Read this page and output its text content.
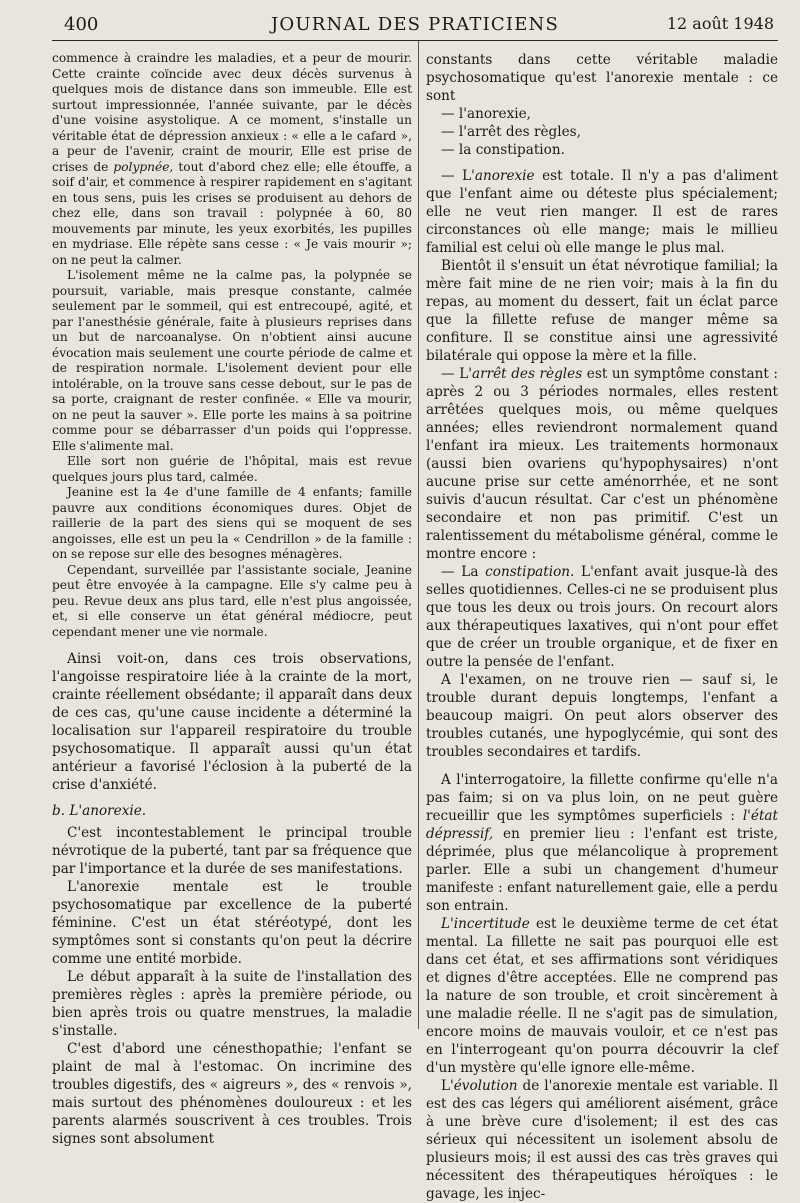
400	JOURNAL DES PRATICIENS	12 août 1948

commence à craindre les maladies, et a peur de mourir. Cette crainte coïncide avec deux décès survenus à quelques mois de distance dans son immeuble. Elle est surtout impressionnée, l'année suivante, par le décès d'une voisine asystolique. A ce moment, s'installe un véritable état de dépression anxieux : « elle a le cafard », a peur de l'avenir, craint de mourir, Elle est prise de crises de polypnée, tout d'abord chez elle; elle étouffe, a soif d'air, et commence à respirer rapidement en s'agitant en tous sens, puis les crises se produisent au dehors de chez elle, dans son travail : polypnée à 60, 80 mouvements par minute, les yeux exorbités, les pupilles en mydriase. Elle répète sans cesse : « Je vais mourir »; on ne peut la calmer.

L'isolement même ne la calme pas, la polypnée se poursuit, variable, mais presque constante, calmée seulement par le sommeil, qui est entrecoupé, agité, et par l'anesthésie générale, faite à plusieurs reprises dans un but de narcoanalyse. On n'obtient ainsi aucune évocation mais seulement une courte période de calme et de respiration normale. L'isolement devient pour elle intolérable, on la trouve sans cesse debout, sur le pas de sa porte, craignant de rester confinée. « Elle va mourir, on ne peut la sauver ». Elle porte les mains à sa poitrine comme pour se débarrasser d'un poids qui l'oppresse. Elle s'alimente mal.

Elle sort non guérie de l'hôpital, mais est revue quelques jours plus tard, calmée.

Jeanine est la 4e d'une famille de 4 enfants; famille pauvre aux conditions économiques dures. Objet de raillerie de la part des siens qui se moquent de ses angoisses, elle est un peu la « Cendrillon » de la famille : on se repose sur elle des besognes ménagères.

Cependant, surveillée par l'assistante sociale, Jeanine peut être envoyée à la campagne. Elle s'y calme peu à peu. Revue deux ans plus tard, elle n'est plus angoissée, et, si elle conserve un état général médiocre, peut cependant mener une vie normale.

Ainsi voit-on, dans ces trois observations, l'angoisse respiratoire liée à la crainte de la mort, crainte réellement obsédante; il apparaît dans deux de ces cas, qu'une cause incidente a déterminé la localisation sur l'appareil respiratoire du trouble psychosomatique. Il apparaît aussi qu'un état antérieur a favorisé l'éclosion à la puberté de la crise d'anxiété.

b. L'anorexie.

C'est incontestablement le principal trouble névrotique de la puberté, tant par sa fréquence que par l'importance et la durée de ses manifestations.

L'anorexie mentale est le trouble psychosomatique par excellence de la puberté féminine. C'est un état stéréotypé, dont les symptômes sont si constants qu'on peut la décrire comme une entité morbide.

Le début apparaît à la suite de l'installation des premières règles : après la première période, ou bien après trois ou quatre menstrues, la maladie s'installe.

C'est d'abord une cénesthopathie; l'enfant se plaint de mal à l'estomac. On incrimine des troubles digestifs, des « aigreurs », des « renvois », mais surtout des phénomènes douloureux : et les parents alarmés souscrivent à ces troubles. Trois signes sont absolument

constants dans cette véritable maladie psychosomatique qu'est l'anorexie mentale : ce sont

— l'anorexie,

— l'arrêt des règles,

— la constipation.

— L'anorexie est totale. Il n'y a pas d'aliment que l'enfant aime ou déteste plus spécialement; elle ne veut rien manger. Il est de rares circonstances où elle mange; mais le millieu familial est celui où elle mange le plus mal.

Bientôt il s'ensuit un état névrotique familial; la mère fait mine de ne rien voir; mais à la fin du repas, au moment du dessert, fait un éclat parce que la fillette refuse de manger même sa confiture. Il se constitue ainsi une agressivité bilatérale qui oppose la mère et la fille.

— L'arrêt des règles est un symptôme constant : après 2 ou 3 périodes normales, elles restent arrêtées quelques mois, ou même quelques années; elles reviendront normalement quand l'enfant ira mieux. Les traitements hormonaux (aussi bien ovariens qu'hypophysaires) n'ont aucune prise sur cette aménorrhée, et ne sont suivis d'aucun résultat. Car c'est un phénomène secondaire et non pas primitif. C'est un ralentissement du métabolisme général, comme le montre encore :

— La constipation. L'enfant avait jusque-là des selles quotidiennes. Celles-ci ne se produisent plus que tous les deux ou trois jours. On recourt alors aux thérapeutiques laxatives, qui n'ont pour effet que de créer un trouble organique, et de fixer en outre la pensée de l'enfant.

A l'examen, on ne trouve rien — sauf si, le trouble durant depuis longtemps, l'enfant a beaucoup maigri. On peut alors observer des troubles cutanés, une hypoglycémie, qui sont des troubles secondaires et tardifs.

A l'interrogatoire, la fillette confirme qu'elle n'a pas faim; si on va plus loin, on ne peut guère recueillir que les symptômes superficiels : l'état dépressif, en premier lieu : l'enfant est triste, déprimée, plus que mélancolique à proprement parler. Elle a subi un changement d'humeur manifeste : enfant naturellement gaie, elle a perdu son entrain.

L'incertitude est le deuxième terme de cet état mental. La fillette ne sait pas pourquoi elle est dans cet état, et ses affirmations sont véridiques et dignes d'être acceptées. Elle ne comprend pas la nature de son trouble, et croit sincèrement à une maladie réelle. Il ne s'agit pas de simulation, encore moins de mauvais vouloir, et ce n'est pas en l'interrogeant qu'on pourra découvrir la clef d'un mystère qu'elle ignore elle-même.

L'évolution de l'anorexie mentale est variable. Il est des cas légers qui améliorent aisément, grâce à une brève cure d'isolement; il est des cas sérieux qui nécessitent un isolement absolu de plusieurs mois; il est aussi des cas très graves qui nécessitent des thérapeutiques héroïques : le gavage, les injec-
